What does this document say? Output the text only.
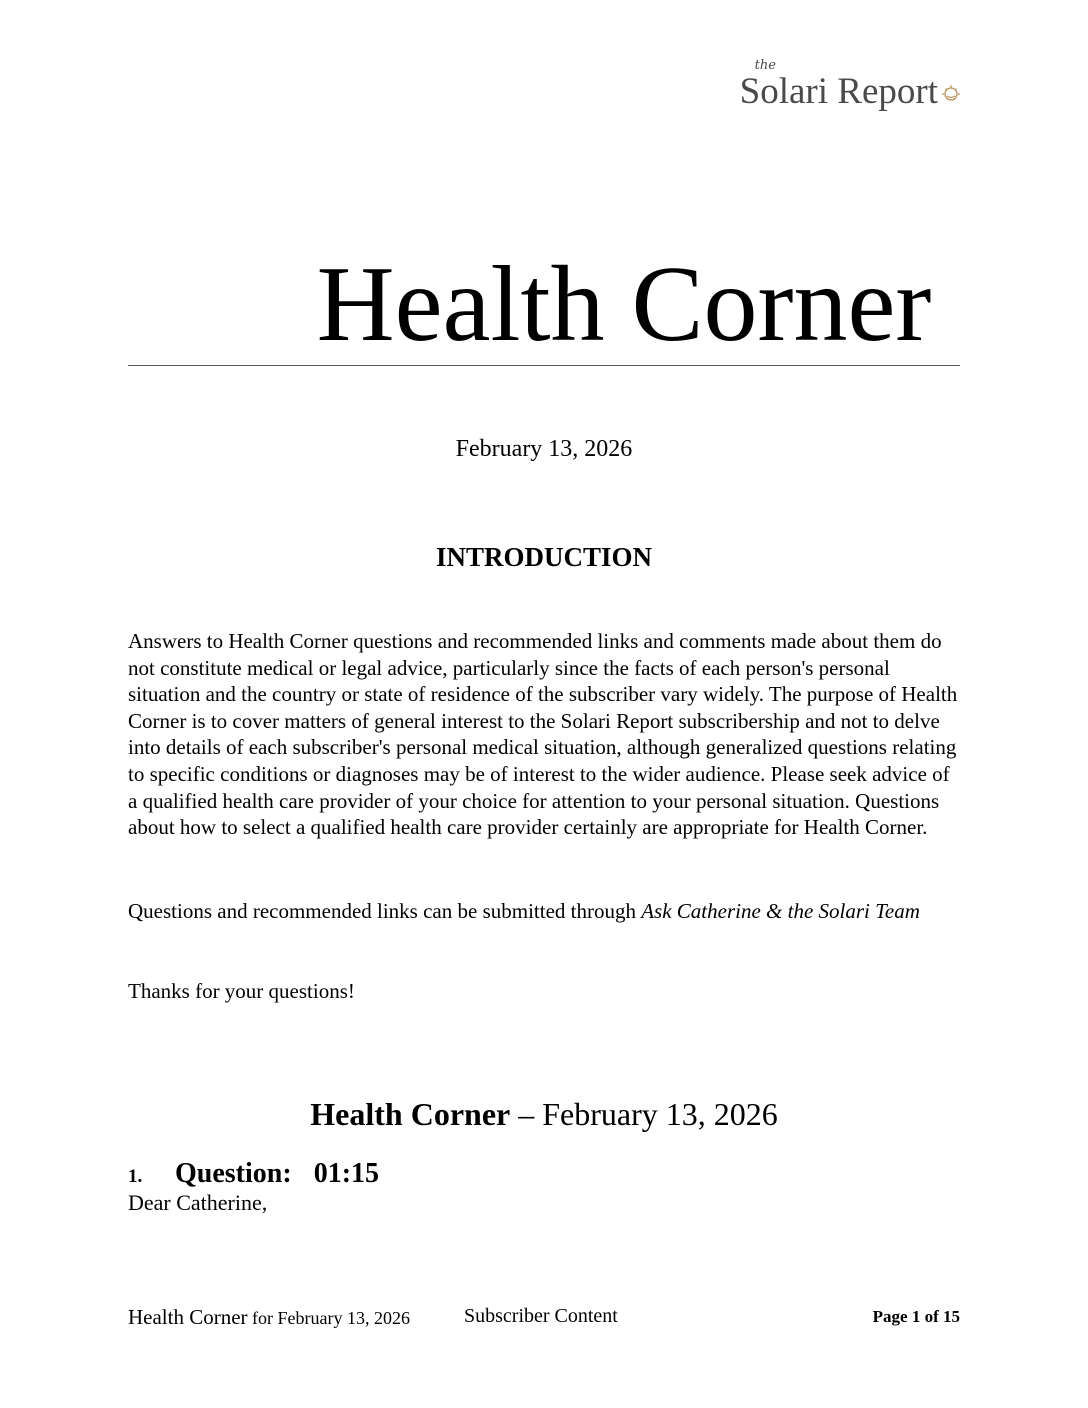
the
Solari Report
Health Corner
February 13, 2026
INTRODUCTION

Answers to Health Corner questions and recommended links and comments made about them do not constitute medical or legal advice, particularly since the facts of each person's personal situation and the country or state of residence of the subscriber vary widely. The purpose of Health Corner is to cover matters of general interest to the Solari Report subscribership and not to delve into details of each subscriber's personal medical situation, although generalized questions relating to specific conditions or diagnoses may be of interest to the wider audience. Please seek advice of a qualified health care provider of your choice for attention to your personal situation. Questions about how to select a qualified health care provider certainly are appropriate for Health Corner.

Questions and recommended links can be submitted through Ask Catherine & the Solari Team

Thanks for your questions!

Health Corner – February 13, 2026
1.	Question: 01:15
Dear Catherine,
Health Corner for February 13, 2026	Subscriber Content	Page 1 of 15
